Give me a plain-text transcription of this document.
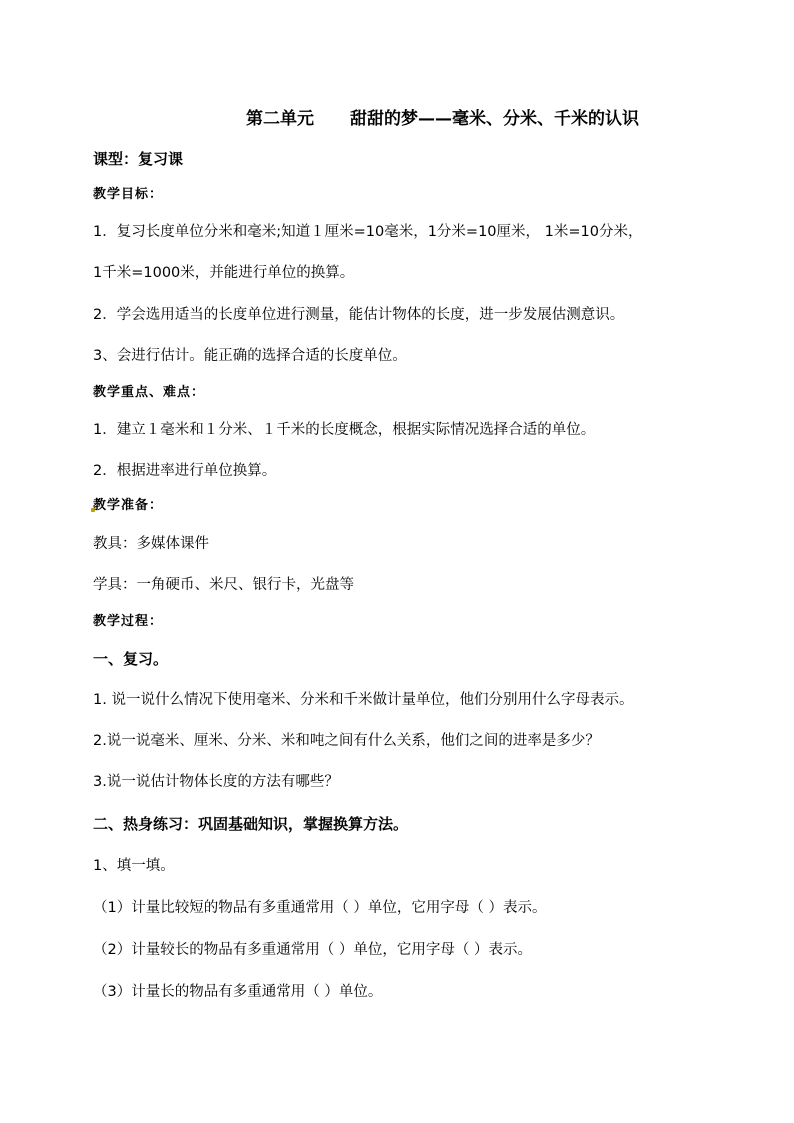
第二单元 甜甜的梦——毫米、分米、千米的认识
课型：复习课
教学目标：
1．复习长度单位分米和毫米;知道１厘米=10毫米，1分米=10厘米， 1米=10分米，
1千米=1000米，并能进行单位的换算。
2．学会选用适当的长度单位进行测量，能估计物体的长度，进一步发展估测意识。
3、会进行估计。能正确的选择合适的长度单位。
教学重点、难点：
1．建立１毫米和１分米、１千米的长度概念，根据实际情况选择合适的单位。
2．根据进率进行单位换算。
教学准备：
教具：多媒体课件
学具：一角硬币、米尺、银行卡，光盘等
教学过程：
一、复习。
1. 说一说什么情况下使用毫米、分米和千米做计量单位，他们分别用什么字母表示。
2.说一说毫米、厘米、分米、米和吨之间有什么关系，他们之间的进率是多少？
3.说一说估计物体长度的方法有哪些？
二、热身练习：巩固基础知识，掌握换算方法。
1、填一填。
（1）计量比较短的物品有多重通常用（ ）单位，它用字母（ ）表示。
（2）计量较长的物品有多重通常用（ ）单位，它用字母（ ）表示。
（3）计量长的物品有多重通常用（ ）单位。
